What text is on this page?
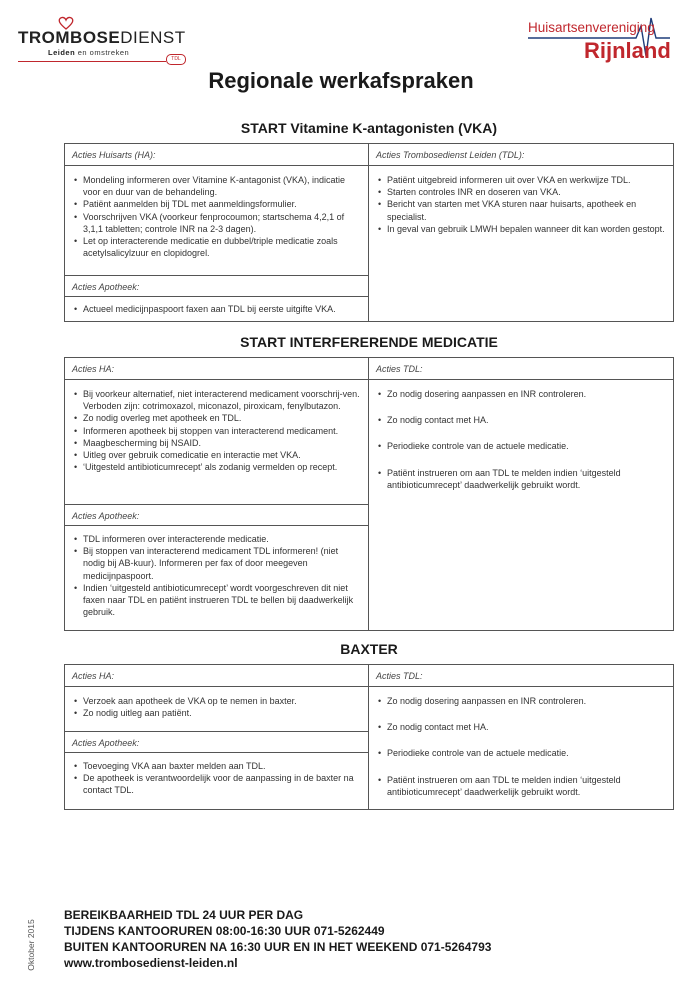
TROMBOSEDIENST
Leiden en omstreken
TDL
Huisartsenvereniging
Rijnland
Regionale werkafspraken
START Vitamine K-antagonisten (VKA)
Acties Huisarts (HA):
• Mondeling informeren over Vitamine K-antagonist (VKA), indicatie voor en duur van de behandeling.
• Patiënt aanmelden bij TDL met aanmeldingsformulier.
• Voorschrijven VKA (voorkeur fenprocoumon; startschema 4,2,1 of 3,1,1 tabletten; controle INR na 2-3 dagen).
• Let op interacterende medicatie en dubbel/triple medicatie zoals acetylsalicylzuur en clopidogrel.
Acties Apotheek:
• Actueel medicijnpaspoort faxen aan TDL bij eerste uitgifte VKA.
Acties Trombosedienst Leiden (TDL):
• Patiënt uitgebreid informeren uit over VKA en werkwijze TDL.
• Starten controles INR en doseren van VKA.
• Bericht van starten met VKA sturen naar huisarts, apotheek en specialist.
• In geval van gebruik LMWH bepalen wanneer dit kan worden gestopt.
START INTERFERERENDE MEDICATIE
Acties HA:
• Bij voorkeur alternatief, niet interacterend medicament voorschrij-ven. Verboden zijn: cotrimoxazol, miconazol, piroxicam, fenylbutazon.
• Zo nodig overleg met apotheek en TDL.
• Informeren apotheek bij stoppen van interacterend medicament.
• Maagbescherming bij NSAID.
• Uitleg over gebruik comedicatie en interactie met VKA.
• ‘Uitgesteld antibioticumrecept’ als zodanig vermelden op recept.
Acties Apotheek:
• TDL informeren over interacterende medicatie.
• Bij stoppen van interacterend medicament TDL informeren! (niet nodig bij AB-kuur). Informeren per fax of door meegeven medicijnpaspoort.
• Indien ‘uitgesteld antibioticumrecept’ wordt voorgeschreven dit niet faxen naar TDL en patiënt instrueren TDL te bellen bij daadwerkelijk gebruik.
Acties TDL:
• Zo nodig dosering aanpassen en INR controleren.
• Zo nodig contact met HA.
• Periodieke controle van de actuele medicatie.
• Patiënt instrueren om aan TDL te melden indien ‘uitgesteld antibioticumrecept’ daadwerkelijk gebruikt wordt.
BAXTER
Acties HA:
• Verzoek aan apotheek de VKA op te nemen in baxter.
• Zo nodig uitleg aan patiënt.
Acties Apotheek:
• Toevoeging VKA aan baxter melden aan TDL.
• De apotheek is verantwoordelijk voor de aanpassing in de baxter na contact TDL.
Acties TDL:
• Zo nodig dosering aanpassen en INR controleren.
• Zo nodig contact met HA.
• Periodieke controle van de actuele medicatie.
• Patiënt instrueren om aan TDL te melden indien ‘uitgesteld antibioticumrecept’ daadwerkelijk gebruikt wordt.
BEREIKBAARHEID TDL 24 UUR PER DAG
TIJDENS KANTOORUREN 08:00-16:30 UUR 071-5262449
BUITEN KANTOORUREN NA 16:30 UUR EN IN HET WEEKEND 071-5264793
www.trombosedienst-leiden.nl
Oktober 2015
